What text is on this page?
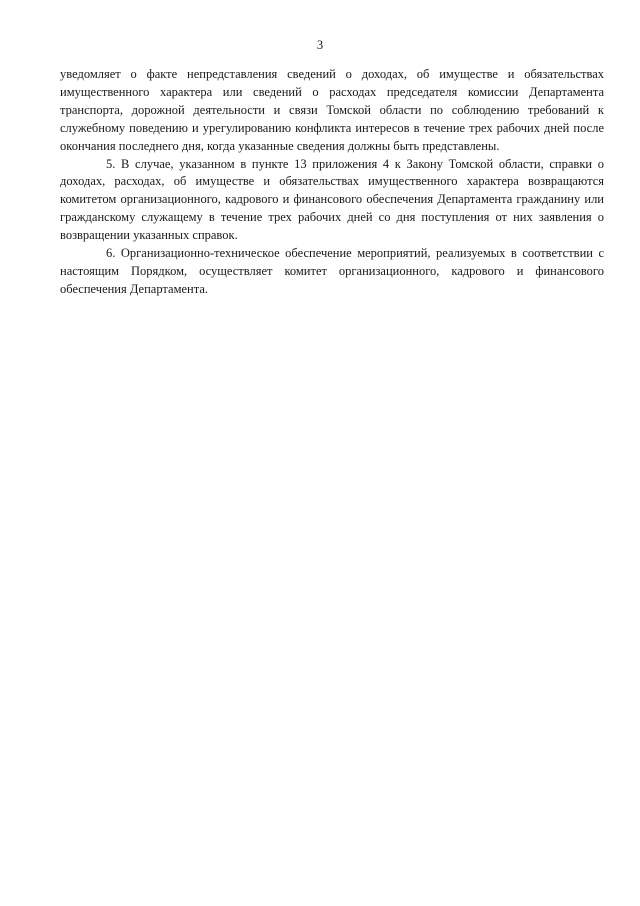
3

уведомляет о факте непредставления сведений о доходах, об имуществе и обязательствах имущественного характера или сведений о расходах председателя комиссии Департамента транспорта, дорожной деятельности и связи Томской области по соблюдению требований к служебному поведению и урегулированию конфликта интересов в течение трех рабочих дней после окончания последнего дня, когда указанные сведения должны быть представлены.

5. В случае, указанном в пункте 13 приложения 4 к Закону Томской области, справки о доходах, расходах, об имуществе и обязательствах имущественного характера возвращаются комитетом организационного, кадрового и финансового обеспечения Департамента гражданину или гражданскому служащему в течение трех рабочих дней со дня поступления от них заявления о возвращении указанных справок.

6. Организационно-техническое обеспечение мероприятий, реализуемых в соответствии с настоящим Порядком, осуществляет комитет организационного, кадрового и финансового обеспечения Департамента.
